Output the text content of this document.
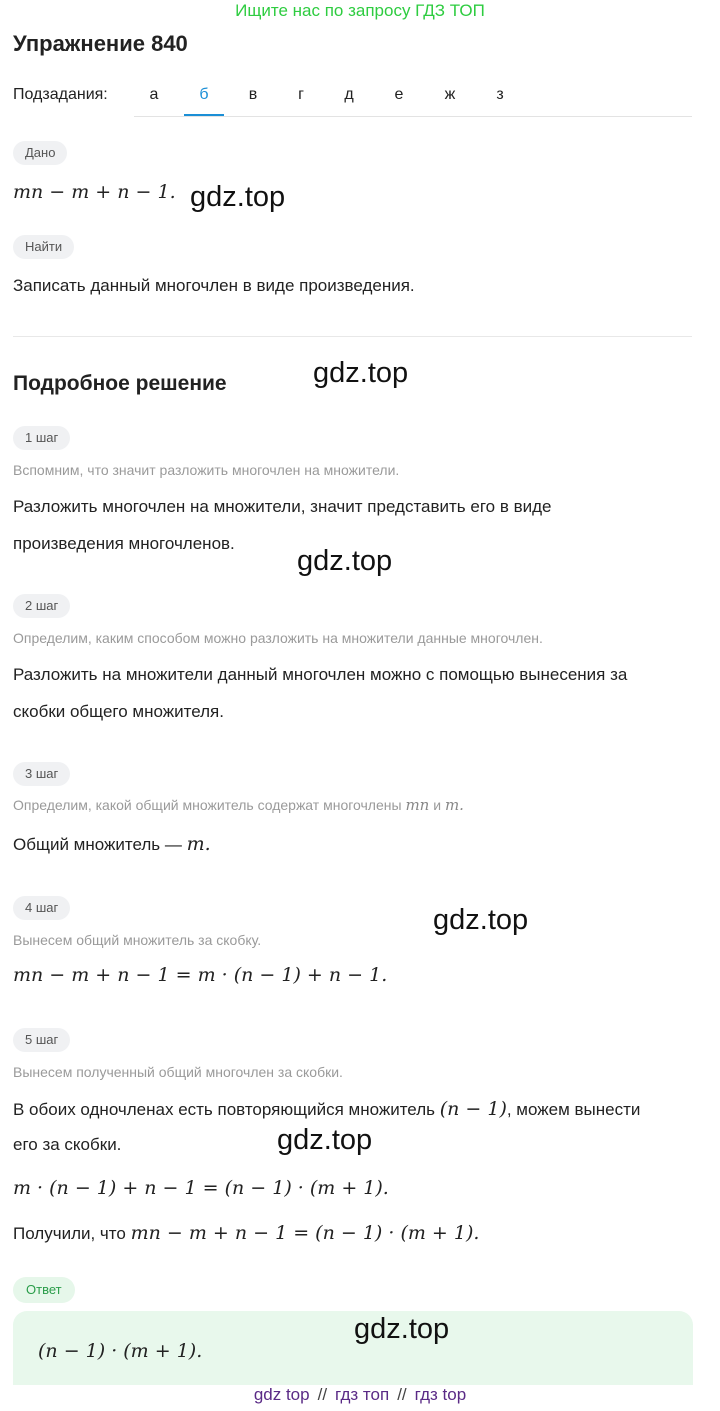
Ищите нас по запросу ГДЗ ТОП
Упражнение 840
Подзадания:	а	б	в	г	д	е	ж	з
Дано
mn − m + n − 1. gdz.top
Найти
Записать данный многочлен в виде произведения.
Подробное решение	gdz.top
1 шаг
Вспомним, что значит разложить многочлен на множители.
Разложить многочлен на множители, значит представить его в виде
произведения многочленов.
gdz.top
2 шаг
Определим, каким способом можно разложить на множители данные многочлен.
Разложить на множители данный многочлен можно с помощью вынесения за
скобки общего множителя.
3 шаг
Определим, какой общий множитель содержат многочлены mn и m.
Общий множитель — m.
4 шаг	gdz.top
Вынесем общий множитель за скобку.
mn − m + n − 1 = m · (n − 1) + n − 1.
5 шаг
Вынесем полученный общий многочлен за скобки.
В обоих одночленах есть повторяющийся множитель (n − 1), можем вынести
его за скобки.	gdz.top
m · (n − 1) + n − 1 = (n − 1) · (m + 1).
Получили, что mn − m + n − 1 = (n − 1) · (m + 1).
Ответ
(n − 1) · (m + 1).
gdz.top
gdz top // гдз топ // гдз top
